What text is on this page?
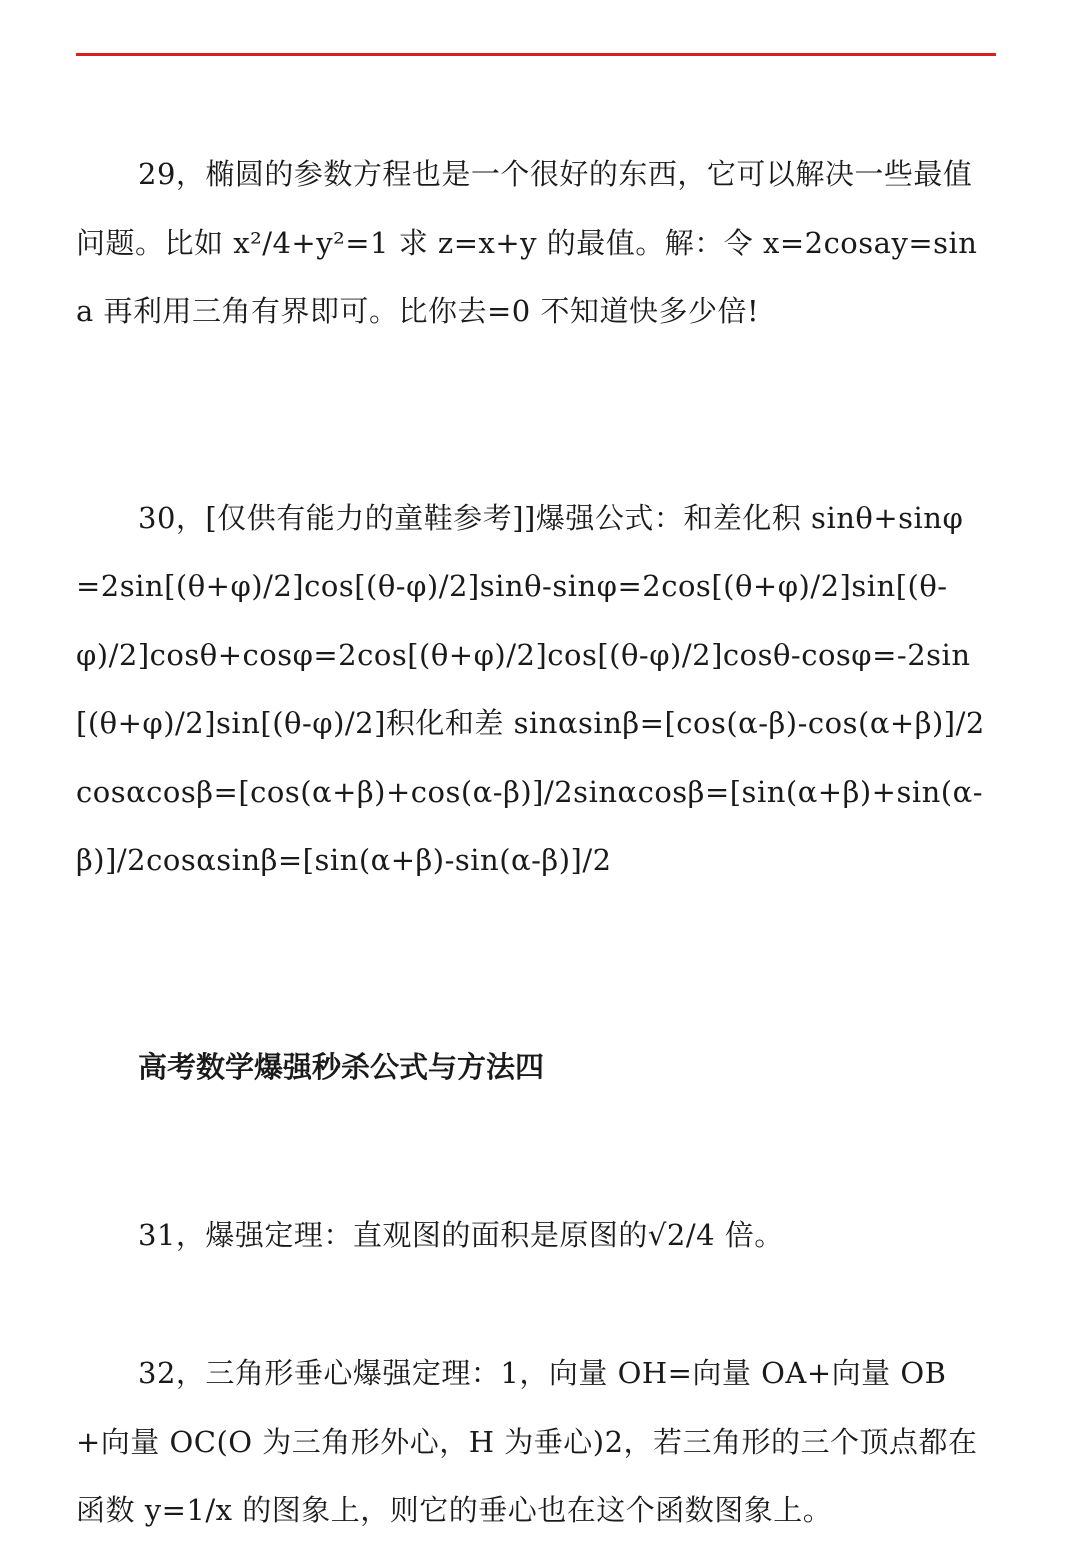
29，椭圆的参数方程也是一个很好的东西，它可以解决一些最值问题。比如 x²/4+y²=1 求 z=x+y 的最值。解：令 x=2cosay=sina 再利用三角有界即可。比你去=0 不知道快多少倍!

30，[仅供有能力的童鞋参考]]爆强公式：和差化积 sinθ+sinφ=2sin[(θ+φ)/2]cos[(θ-φ)/2]sinθ-sinφ=2cos[(θ+φ)/2]sin[(θ-φ)/2]cosθ+cosφ=2cos[(θ+φ)/2]cos[(θ-φ)/2]cosθ-cosφ=-2sin[(θ+φ)/2]sin[(θ-φ)/2]积化和差 sinαsinβ=[cos(α-β)-cos(α+β)]/2cosαcosβ=[cos(α+β)+cos(α-β)]/2sinαcosβ=[sin(α+β)+sin(α-β)]/2cosαsinβ=[sin(α+β)-sin(α-β)]/2

高考数学爆强秒杀公式与方法四

31，爆强定理：直观图的面积是原图的√2/4 倍。

32，三角形垂心爆强定理：1，向量 OH=向量 OA+向量 OB+向量 OC(O 为三角形外心，H 为垂心)2，若三角形的三个顶点都在函数 y=1/x 的图象上，则它的垂心也在这个函数图象上。
